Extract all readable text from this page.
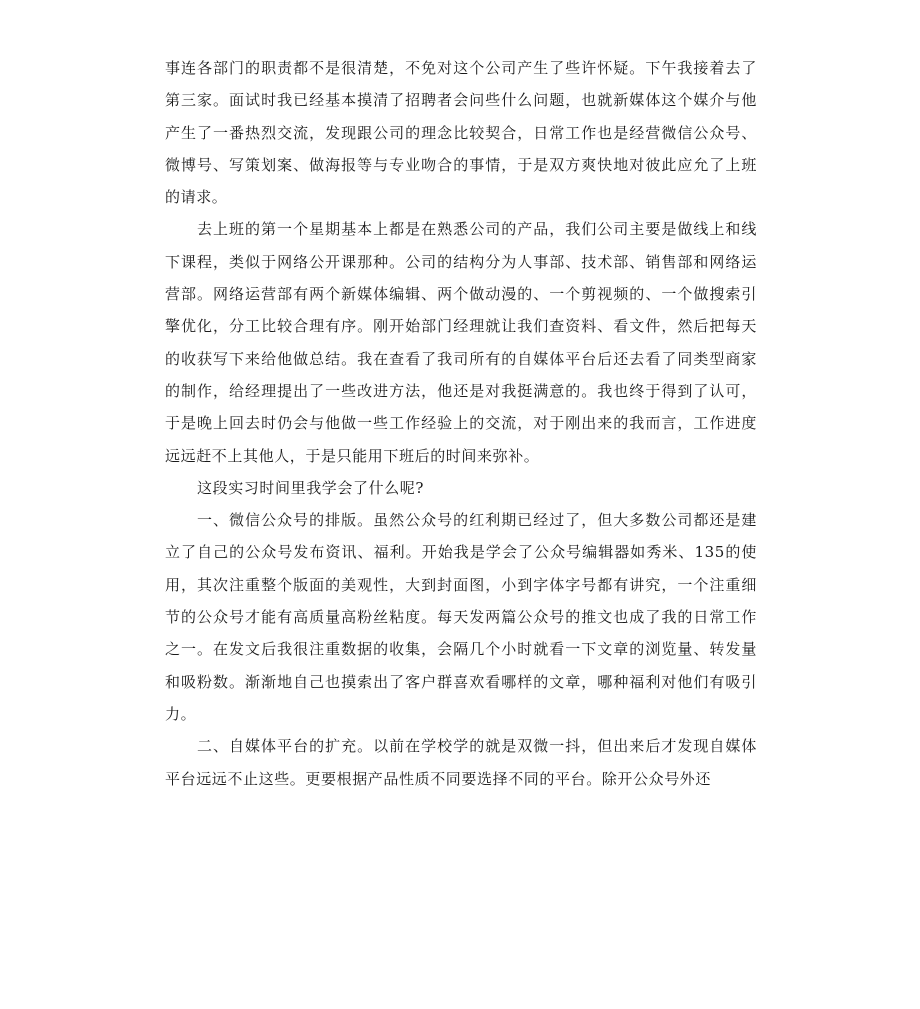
事连各部门的职责都不是很清楚，不免对这个公司产生了些许怀疑。下午我接着去了第三家。面试时我已经基本摸清了招聘者会问些什么问题，也就新媒体这个媒介与他产生了一番热烈交流，发现跟公司的理念比较契合，日常工作也是经营微信公众号、微博号、写策划案、做海报等与专业吻合的事情，于是双方爽快地对彼此应允了上班的请求。

去上班的第一个星期基本上都是在熟悉公司的产品，我们公司主要是做线上和线下课程，类似于网络公开课那种。公司的结构分为人事部、技术部、销售部和网络运营部。网络运营部有两个新媒体编辑、两个做动漫的、一个剪视频的、一个做搜索引擎优化，分工比较合理有序。刚开始部门经理就让我们查资料、看文件，然后把每天的收获写下来给他做总结。我在查看了我司所有的自媒体平台后还去看了同类型商家的制作，给经理提出了一些改进方法，他还是对我挺满意的。我也终于得到了认可，于是晚上回去时仍会与他做一些工作经验上的交流，对于刚出来的我而言，工作进度远远赶不上其他人，于是只能用下班后的时间来弥补。

这段实习时间里我学会了什么呢?

一、微信公众号的排版。虽然公众号的红利期已经过了，但大多数公司都还是建立了自己的公众号发布资讯、福利。开始我是学会了公众号编辑器如秀米、135的使用，其次注重整个版面的美观性，大到封面图，小到字体字号都有讲究，一个注重细节的公众号才能有高质量高粉丝粘度。每天发两篇公众号的推文也成了我的日常工作之一。在发文后我很注重数据的收集，会隔几个小时就看一下文章的浏览量、转发量和吸粉数。渐渐地自己也摸索出了客户群喜欢看哪样的文章，哪种福利对他们有吸引力。

二、自媒体平台的扩充。以前在学校学的就是双微一抖，但出来后才发现自媒体平台远远不止这些。更要根据产品性质不同要选择不同的平台。除开公众号外还
